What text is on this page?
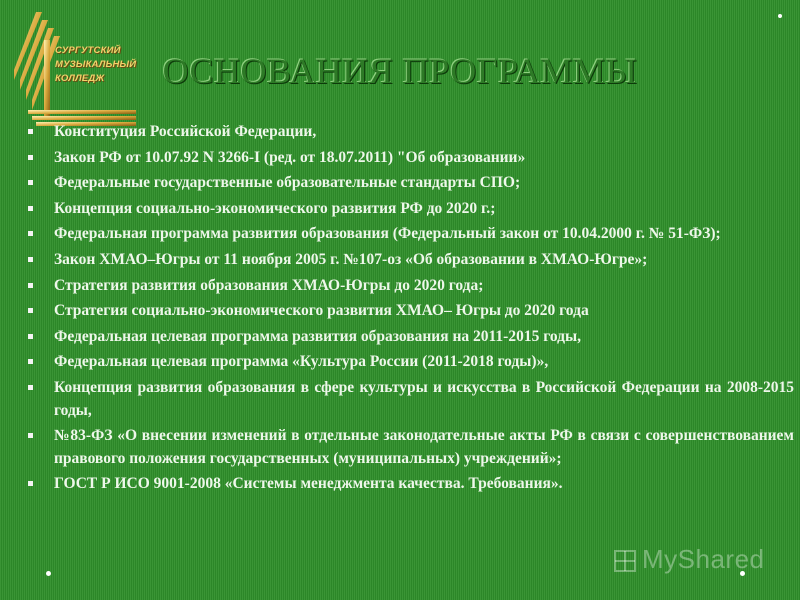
СУРГУТСКИЙ
МУЗЫКАЛЬНЫЙ
КОЛЛЕДЖ	ОСНОВАНИЯ ПРОГРАММЫ
Конституция Российской Федерации,
Закон РФ от 10.07.92 N 3266-I (ред. от 18.07.2011) "Об образовании»
Федеральные государственные образовательные стандарты СПО;
Концепция социально-экономического развития РФ до 2020 г.;
Федеральная программа развития образования (Федеральный закон от 10.04.2000 г. № 51-ФЗ);
Закон ХМАО–Югры от 11 ноября 2005 г. №107-оз «Об образовании в ХМАО-Югре»;
Стратегия развития образования ХМАО-Югры до 2020 года;
Стратегия социально-экономического развития ХМАО– Югры до 2020 года
Федеральная целевая программа развития образования на 2011-2015 годы,
Федеральная целевая программа «Культура России (2011-2018 годы)»,
Концепция развития образования в сфере культуры и искусства в Российской Федерации на 2008-2015 годы,
№83-ФЗ «О внесении изменений в отдельные законодательные акты РФ в связи с совершенствованием правового положения государственных (муниципальных) учреждений»;
ГОСТ Р ИСО 9001-2008 «Системы менеджмента качества. Требования».
MyShared
